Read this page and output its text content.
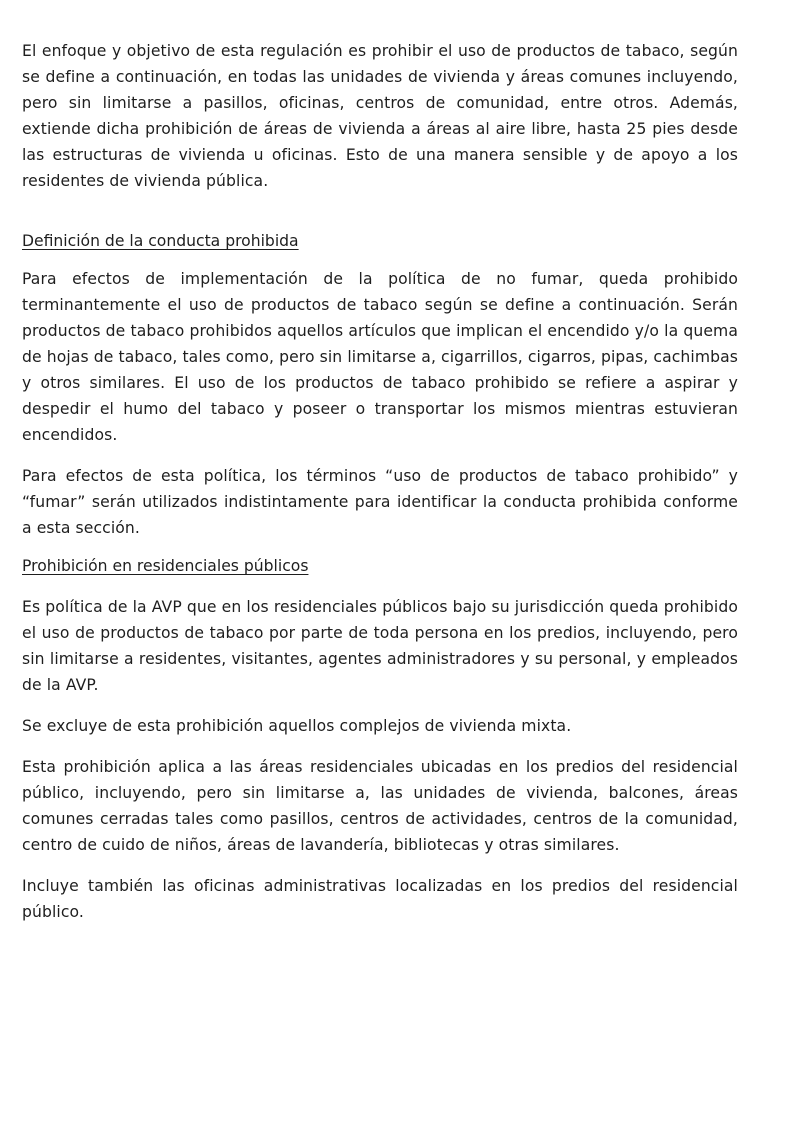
El enfoque y objetivo de esta regulación es prohibir el uso de productos de tabaco, según se define a continuación, en todas las unidades de vivienda y áreas comunes incluyendo, pero sin limitarse a pasillos, oficinas, centros de comunidad, entre otros. Además, extiende dicha prohibición de áreas de vivienda a áreas al aire libre, hasta 25 pies desde las estructuras de vivienda u oficinas. Esto de una manera sensible y de apoyo a los residentes de vivienda pública.

Definición de la conducta prohibida

Para efectos de implementación de la política de no fumar, queda prohibido terminantemente el uso de productos de tabaco según se define a continuación. Serán productos de tabaco prohibidos aquellos artículos que implican el encendido y/o la quema de hojas de tabaco, tales como, pero sin limitarse a, cigarrillos, cigarros, pipas, cachimbas y otros similares. El uso de los productos de tabaco prohibido se refiere a aspirar y despedir el humo del tabaco y poseer o transportar los mismos mientras estuvieran encendidos.

Para efectos de esta política, los términos “uso de productos de tabaco prohibido” y “fumar” serán utilizados indistintamente para identificar la conducta prohibida conforme a esta sección.

Prohibición en residenciales públicos

Es política de la AVP que en los residenciales públicos bajo su jurisdicción queda prohibido el uso de productos de tabaco por parte de toda persona en los predios, incluyendo, pero sin limitarse a residentes, visitantes, agentes administradores y su personal, y empleados de la AVP.

Se excluye de esta prohibición aquellos complejos de vivienda mixta.

Esta prohibición aplica a las áreas residenciales ubicadas en los predios del residencial público, incluyendo, pero sin limitarse a, las unidades de vivienda, balcones, áreas comunes cerradas tales como pasillos, centros de actividades, centros de la comunidad, centro de cuido de niños, áreas de lavandería, bibliotecas y otras similares.

Incluye también las oficinas administrativas localizadas en los predios del residencial público.
